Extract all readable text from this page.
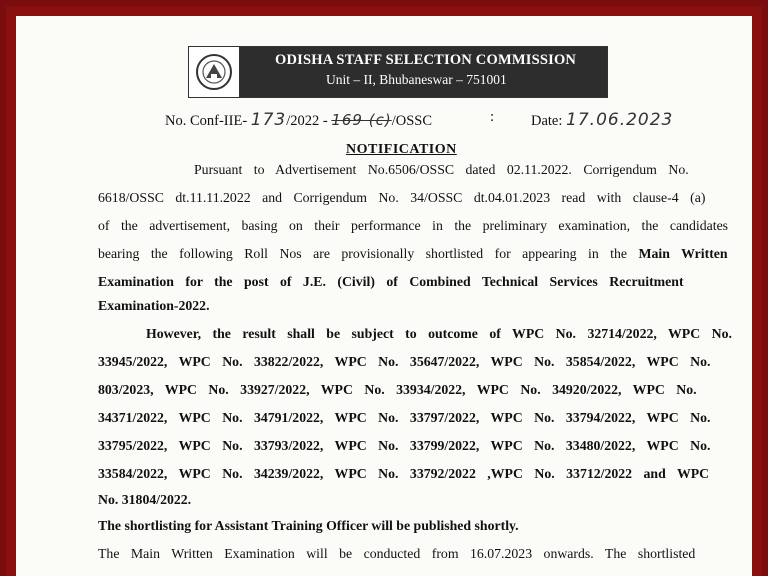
ODISHA STAFF SELECTION COMMISSION
Unit – II, Bhubaneswar – 751001
No. Conf-IIE- 173/2022 - 169 (c)/OSSC	:	Date: 17.06.2023
NOTIFICATION
Pursuant to Advertisement No.6506/OSSC dated 02.11.2022. Corrigendum No.
6618/OSSC dt.11.11.2022 and Corrigendum No. 34/OSSC dt.04.01.2023 read with clause-4 (a)
of the advertisement, basing on their performance in the preliminary examination, the candidates
bearing the following Roll Nos are provisionally shortlisted for appearing in the Main Written
Examination for the post of J.E. (Civil) of Combined Technical Services Recruitment
Examination-2022.
However, the result shall be subject to outcome of WPC No. 32714/2022, WPC No.
33945/2022, WPC No. 33822/2022, WPC No. 35647/2022, WPC No. 35854/2022, WPC No.
803/2023, WPC No. 33927/2022, WPC No. 33934/2022, WPC No. 34920/2022, WPC No.
34371/2022, WPC No. 34791/2022, WPC No. 33797/2022, WPC No. 33794/2022, WPC No.
33795/2022, WPC No. 33793/2022, WPC No. 33799/2022, WPC No. 33480/2022, WPC No.
33584/2022, WPC No. 34239/2022, WPC No. 33792/2022 ,WPC No. 33712/2022 and WPC
No. 31804/2022.
The shortlisting for Assistant Training Officer will be published shortly.
The Main Written Examination will be conducted from 16.07.2023 onwards. The shortlisted
